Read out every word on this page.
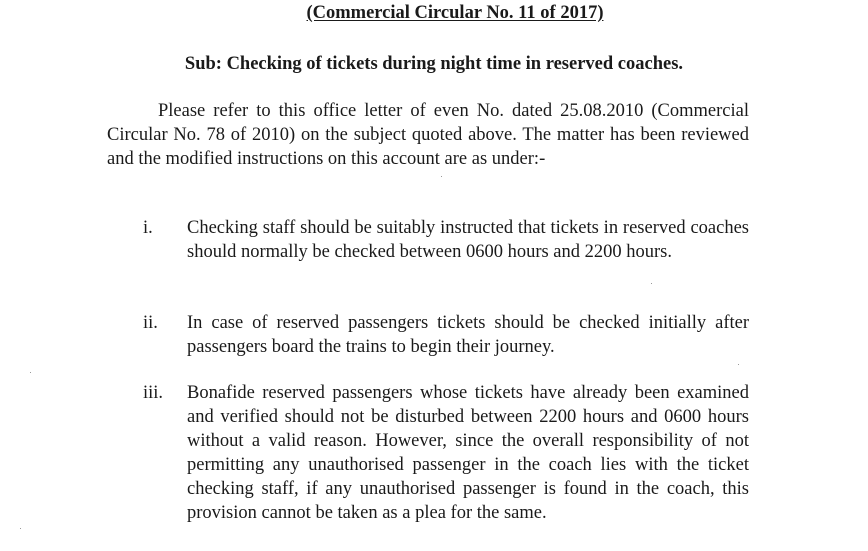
(Commercial Circular No. 11 of 2017)
Sub: Checking of tickets during night time in reserved coaches.
Please refer to this office letter of even No. dated 25.08.2010 (Commercial Circular No. 78 of 2010) on the subject quoted above. The matter has been reviewed and the modified instructions on this account are as under:-
i. Checking staff should be suitably instructed that tickets in reserved coaches should normally be checked between 0600 hours and 2200 hours.
ii. In case of reserved passengers tickets should be checked initially after passengers board the trains to begin their journey.
iii. Bonafide reserved passengers whose tickets have already been examined and verified should not be disturbed between 2200 hours and 0600 hours without a valid reason. However, since the overall responsibility of not permitting any unauthorised passenger in the coach lies with the ticket checking staff, if any unauthorised passenger is found in the coach, this provision cannot be taken as a plea for the same.
